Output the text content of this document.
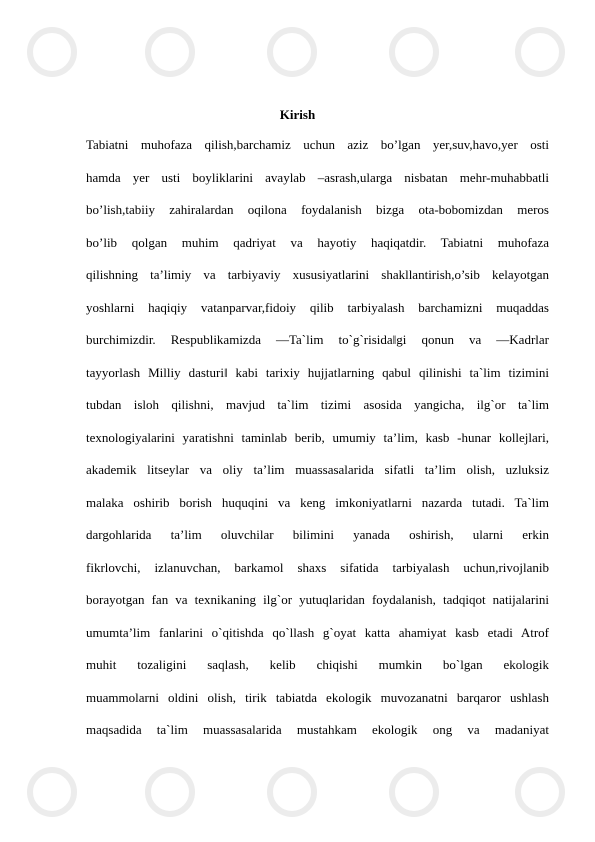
Kirish
Tabiatni muhofaza qilish,barchamiz uchun aziz bo’lgan yer,suv,havo,yer osti
hamda yer usti boyliklarini avaylab –asrash,ularga nisbatan mehr-muhabbatli
bo’lish,tabiiy zahiralardan oqilona foydalanish bizga ota-bobomizdan meros
bo’lib qolgan muhim qadriyat va hayotiy haqiqatdir. Tabiatni muhofaza
qilishning ta’limiy va tarbiyaviy xususiyatlarini shakllantirish,o’sib kelayotgan
yoshlarni haqiqiy vatanparvar,fidoiy qilib tarbiyalash barchamizni muqaddas
burchimizdir. Respublikamizda ―Ta`lim to`g`risida‖gi qonun va ―Kadrlar
tayyorlash Milliy dasturi‖ kabi tarixiy hujjatlarning qabul qilinishi ta`lim tizimini
tubdan isloh qilishni, mavjud ta`lim tizimi asosida yangicha, ilg`or ta`lim
texnologiyalarini yaratishni taminlab berib, umumiy ta’lim, kasb -hunar kollejlari,
akademik litseylar va oliy ta’lim muassasalarida sifatli ta’lim olish, uzluksiz
malaka oshirib borish huquqini va keng imkoniyatlarni nazarda tutadi. Ta`lim
dargohlarida ta’lim oluvchilar bilimini yanada oshirish, ularni erkin
fikrlovchi, izlanuvchan, barkamol shaxs sifatida tarbiyalash uchun,rivojlanib
borayotgan fan va texnikaning ilg`or yutuqlaridan foydalanish, tadqiqot natijalarini
umumta’lim fanlarini o`qitishda qo`llash g`oyat katta ahamiyat kasb etadi Atrof
muhit tozaligini saqlash, kelib chiqishi mumkin bo`lgan ekologik
muammolarni oldini olish, tirik tabiatda ekologik muvozanatni barqaror ushlash
maqsadida ta`lim muassasalarida mustahkam ekologik ong va madaniyat
